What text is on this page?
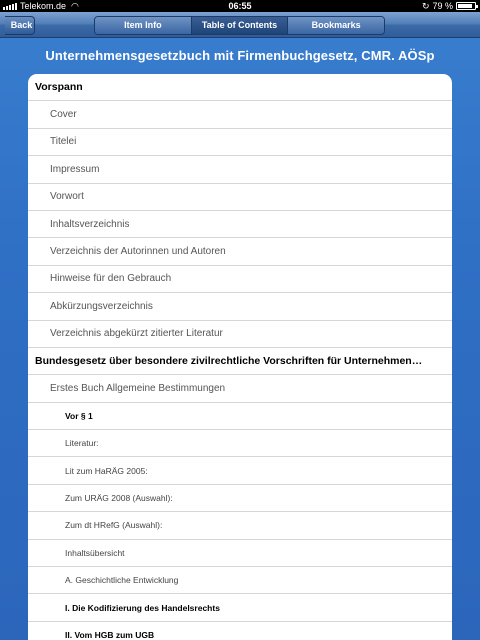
Telekom.de ◠	06:55	↻ 79 %
Back	Item Info	Table of Contents	Bookmarks
Unternehmensgesetzbuch mit Firmenbuchgesetz, CMR. AÖSp
Vorspann
Cover
Titelei
Impressum
Vorwort
Inhaltsverzeichnis
Verzeichnis der Autorinnen und Autoren
Hinweise für den Gebrauch
Abkürzungsverzeichnis
Verzeichnis abgekürzt zitierter Literatur
Bundesgesetz über besondere zivilrechtliche Vorschriften für Unternehmen…
Erstes Buch Allgemeine Bestimmungen
Vor § 1
Literatur:
Lit zum HaRÄG 2005:
Zum URÄG 2008 (Auswahl):
Zum dt HRefG (Auswahl):
Inhaltsübersicht
A. Geschichtliche Entwicklung
I. Die Kodifizierung des Handelsrechts
II. Vom HGB zum UGB
